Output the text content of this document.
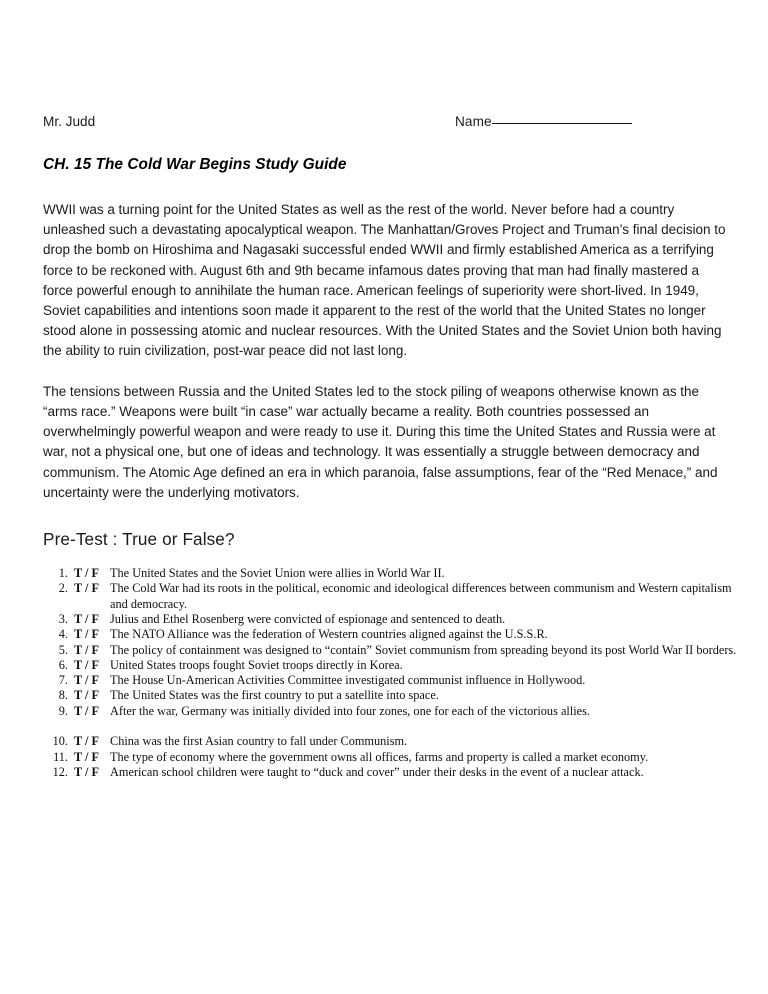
Mr. Judd	Name
CH. 15 The Cold War Begins Study Guide

WWII was a turning point for the United States as well as the rest of the world. Never before had a country unleashed such a devastating apocalyptical weapon. The Manhattan/Groves Project and Truman’s final decision to drop the bomb on Hiroshima and Nagasaki successful ended WWII and firmly established America as a terrifying force to be reckoned with. August 6th and 9th became infamous dates proving that man had finally mastered a force powerful enough to annihilate the human race. American feelings of superiority were short-lived. In 1949, Soviet capabilities and intentions soon made it apparent to the rest of the world that the United States no longer stood alone in possessing atomic and nuclear resources. With the United States and the Soviet Union both having the ability to ruin civilization, post-war peace did not last long.

The tensions between Russia and the United States led to the stock piling of weapons otherwise known as the “arms race.” Weapons were built “in case” war actually became a reality. Both countries possessed an overwhelmingly powerful weapon and were ready to use it. During this time the United States and Russia were at war, not a physical one, but one of ideas and technology. It was essentially a struggle between democracy and communism. The Atomic Age defined an era in which paranoia, false assumptions, fear of the “Red Menace,” and uncertainty were the underlying motivators.

Pre-Test : True or False?
1. T / F The United States and the Soviet Union were allies in World War II.
2. T / F The Cold War had its roots in the political, economic and ideological differences between communism and Western capitalism and democracy.
3. T / F Julius and Ethel Rosenberg were convicted of espionage and sentenced to death.
4. T / F The NATO Alliance was the federation of Western countries aligned against the U.S.S.R.
5. T / F The policy of containment was designed to “contain” Soviet communism from spreading beyond its post World War II borders.
6. T / F United States troops fought Soviet troops directly in Korea.
7. T / F The House Un-American Activities Committee investigated communist influence in Hollywood.
8. T / F The United States was the first country to put a satellite into space.
9. T / F After the war, Germany was initially divided into four zones, one for each of the victorious allies.
10. T / F China was the first Asian country to fall under Communism.
11. T / F The type of economy where the government owns all offices, farms and property is called a market economy.
12. T / F American school children were taught to “duck and cover” under their desks in the event of a nuclear attack.
